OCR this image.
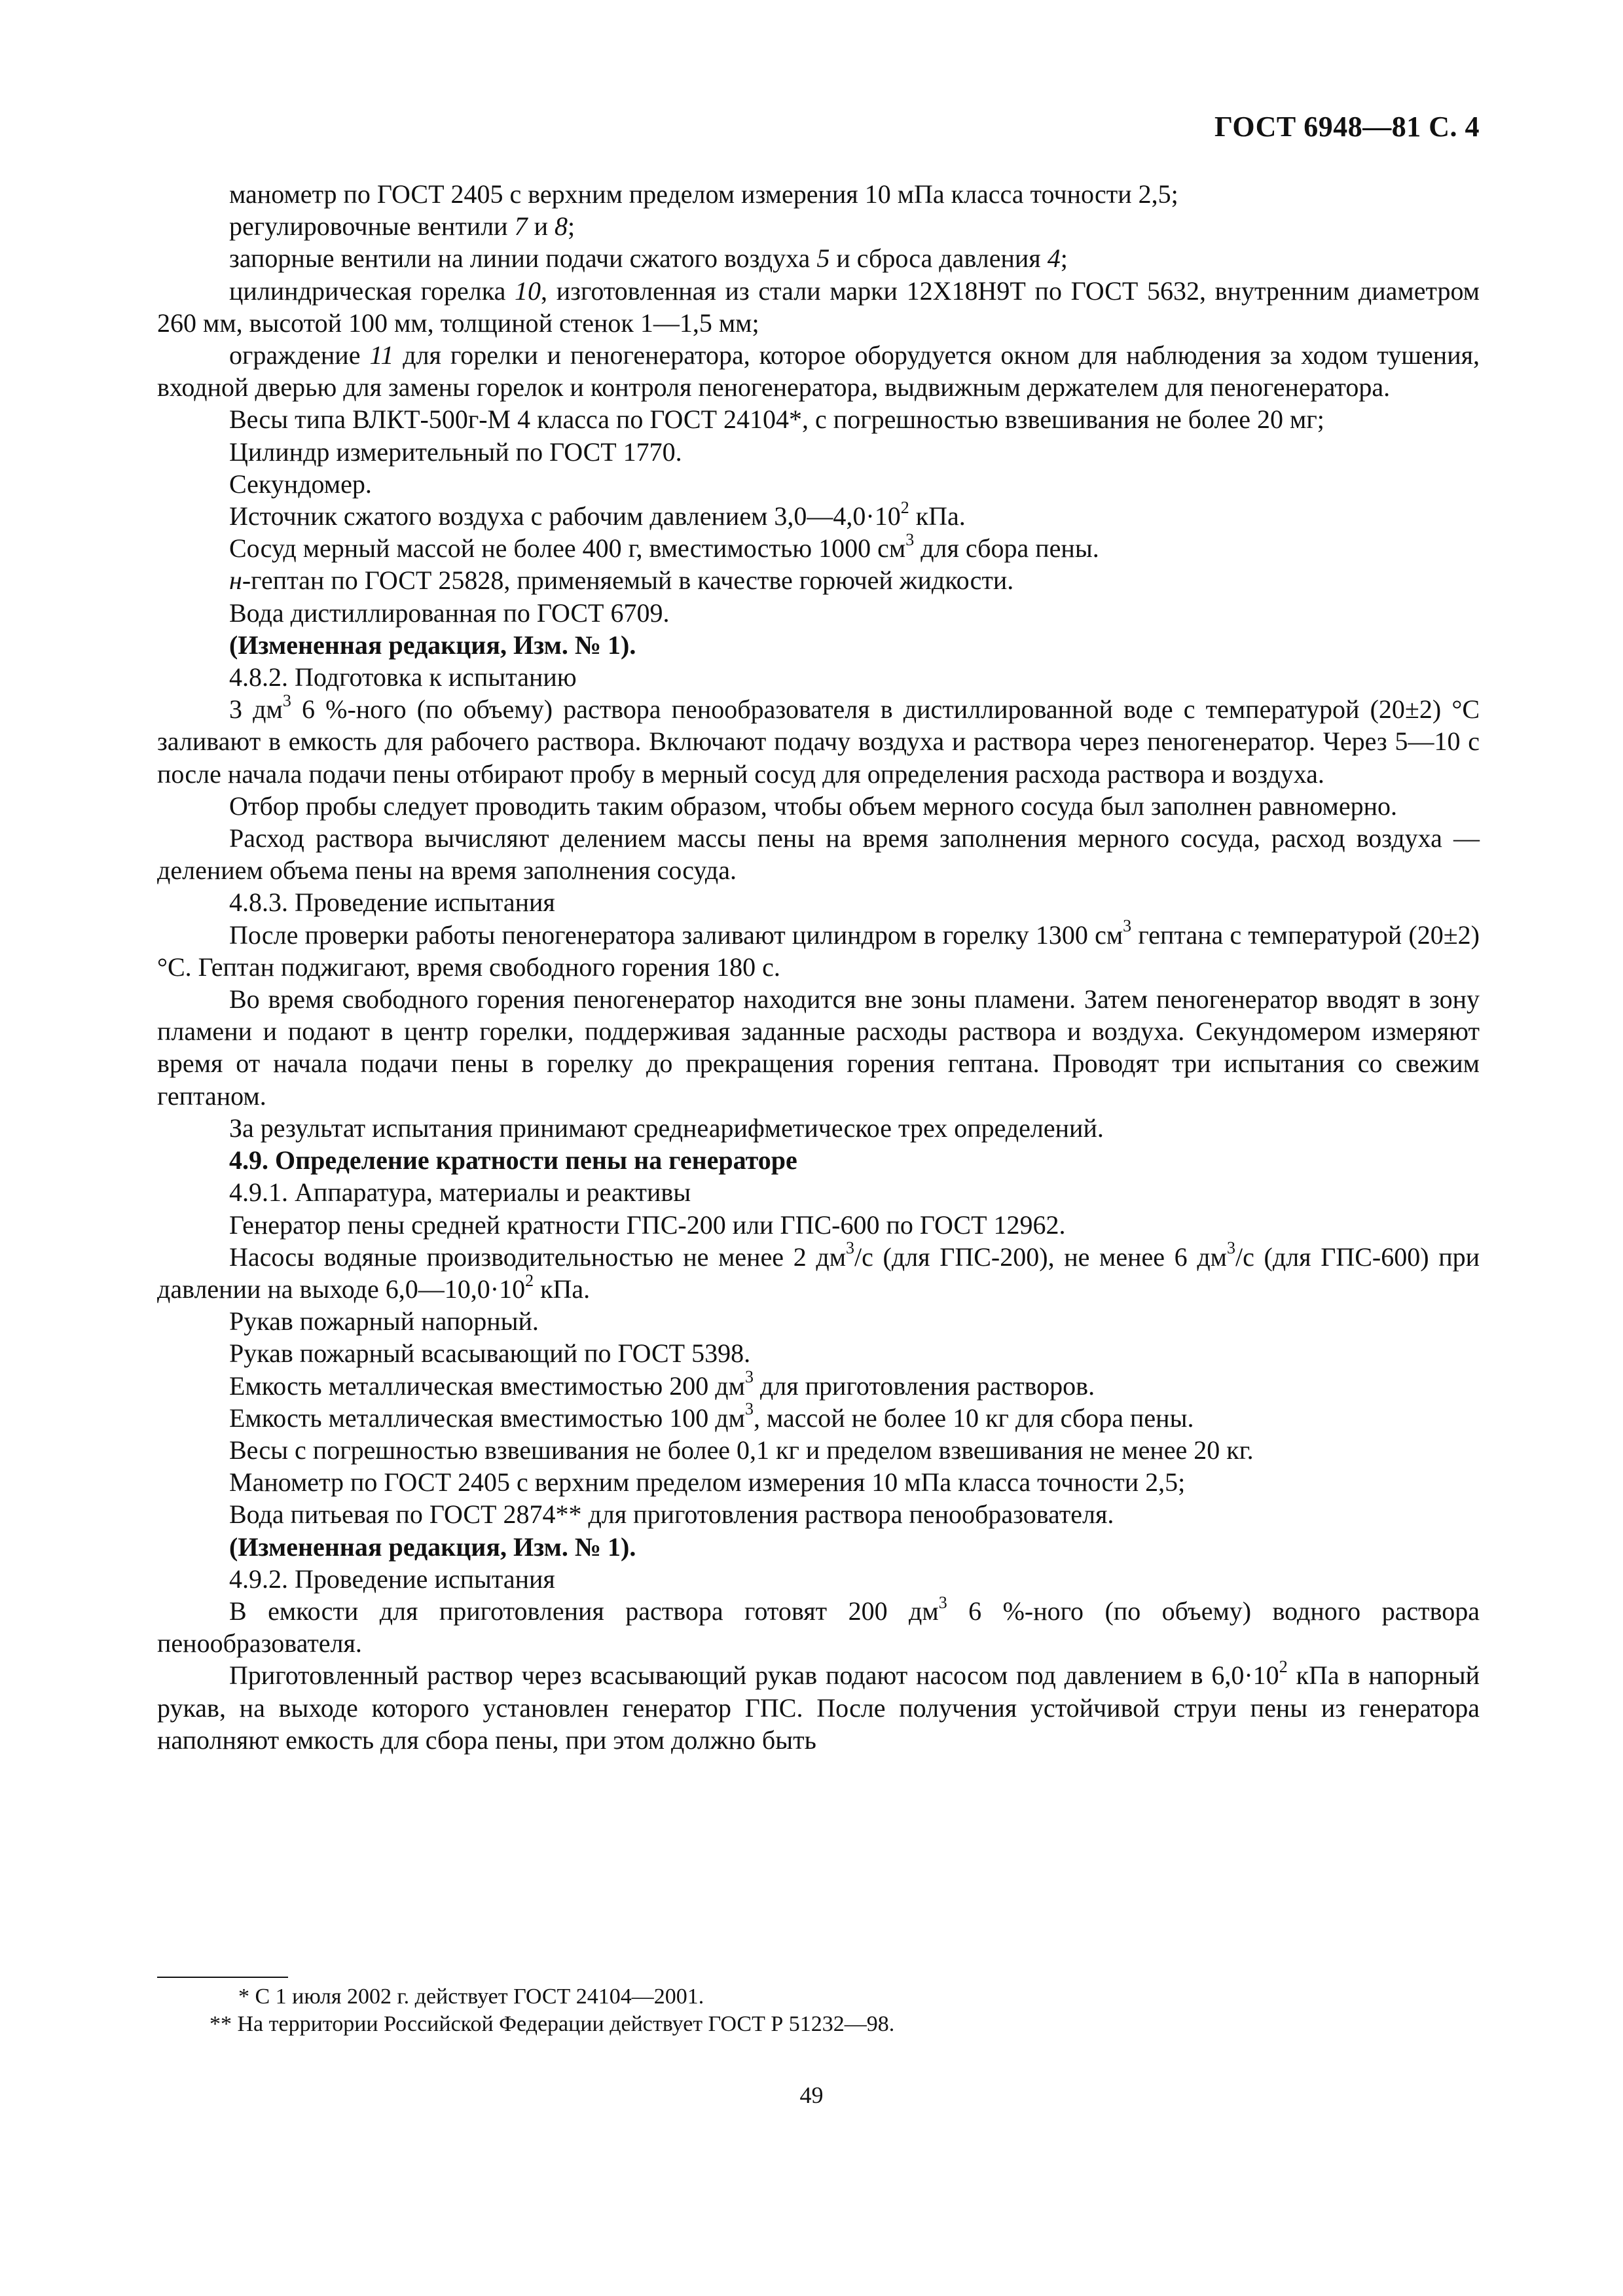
ГОСТ 6948—81 С. 4

манометр по ГОСТ 2405 с верхним пределом измерения 10 мПа класса точности 2,5;

регулировочные вентили 7 и 8;

запорные вентили на линии подачи сжатого воздуха 5 и сброса давления 4;

цилиндрическая горелка 10, изготовленная из стали марки 12Х18Н9Т по ГОСТ 5632, внутренним диаметром 260 мм, высотой 100 мм, толщиной стенок 1—1,5 мм;

ограждение 11 для горелки и пеногенератора, которое оборудуется окном для наблюдения за ходом тушения, входной дверью для замены горелок и контроля пеногенератора, выдвижным держателем для пеногенератора.

Весы типа ВЛКТ-500г-М 4 класса по ГОСТ 24104*, с погрешностью взвешивания не более 20 мг;

Цилиндр измерительный по ГОСТ 1770.

Секундомер.

Источник сжатого воздуха с рабочим давлением $3,0—4,0\cdot 10^2$ кПа.

Сосуд мерный массой не более 400 г, вместимостью 1000 $см^3$ для сбора пены.

н-гептан по ГОСТ 25828, применяемый в качестве горючей жидкости.

Вода дистиллированная по ГОСТ 6709.

(Измененная редакция, Изм. № 1).

4.8.2. Подготовка к испытанию

3 $дм^3$ 6 %-ного (по объему) раствора пенообразователя в дистиллированной воде с температурой (20±2) °С заливают в емкость для рабочего раствора. Включают подачу воздуха и раствора через пеногенератор. Через 5—10 с после начала подачи пены отбирают пробу в мерный сосуд для определения расхода раствора и воздуха.

Отбор пробы следует проводить таким образом, чтобы объем мерного сосуда был заполнен равномерно.

Расход раствора вычисляют делением массы пены на время заполнения мерного сосуда, расход воздуха — делением объема пены на время заполнения сосуда.

4.8.3. Проведение испытания

После проверки работы пеногенератора заливают цилиндром в горелку 1300 $см^3$ гептана с температурой (20±2) °С. Гептан поджигают, время свободного горения 180 с.

Во время свободного горения пеногенератор находится вне зоны пламени. Затем пеногенератор вводят в зону пламени и подают в центр горелки, поддерживая заданные расходы раствора и воздуха. Секундомером измеряют время от начала подачи пены в горелку до прекращения горения гептана. Проводят три испытания со свежим гептаном.

За результат испытания принимают среднеарифметическое трех определений.

4.9. Определение кратности пены на генераторе

4.9.1. Аппаратура, материалы и реактивы

Генератор пены средней кратности ГПС-200 или ГПС-600 по ГОСТ 12962.

Насосы водяные производительностью не менее 2 $дм^3/с$ (для ГПС-200), не менее 6 $дм^3/с$ (для ГПС-600) при давлении на выходе $6,0—10,0\cdot 10^2$ кПа.

Рукав пожарный напорный.

Рукав пожарный всасывающий по ГОСТ 5398.

Емкость металлическая вместимостью 200 $дм^3$ для приготовления растворов.

Емкость металлическая вместимостью 100 $дм^3$, массой не более 10 кг для сбора пены.

Весы с погрешностью взвешивания не более 0,1 кг и пределом взвешивания не менее 20 кг.

Манометр по ГОСТ 2405 с верхним пределом измерения 10 мПа класса точности 2,5;

Вода питьевая по ГОСТ 2874** для приготовления раствора пенообразователя.

(Измененная редакция, Изм. № 1).

4.9.2. Проведение испытания

В емкости для приготовления раствора готовят 200 $дм^3$ 6 %-ного (по объему) водного раствора пенообразователя.

Приготовленный раствор через всасывающий рукав подают насосом под давлением в $6,0\cdot 10^2$ кПа в напорный рукав, на выходе которого установлен генератор ГПС. После получения устойчивой струи пены из генератора наполняют емкость для сбора пены, при этом должно быть

* С 1 июля 2002 г. действует ГОСТ 24104—2001.
** На территории Российской Федерации действует ГОСТ Р 51232—98.
49
